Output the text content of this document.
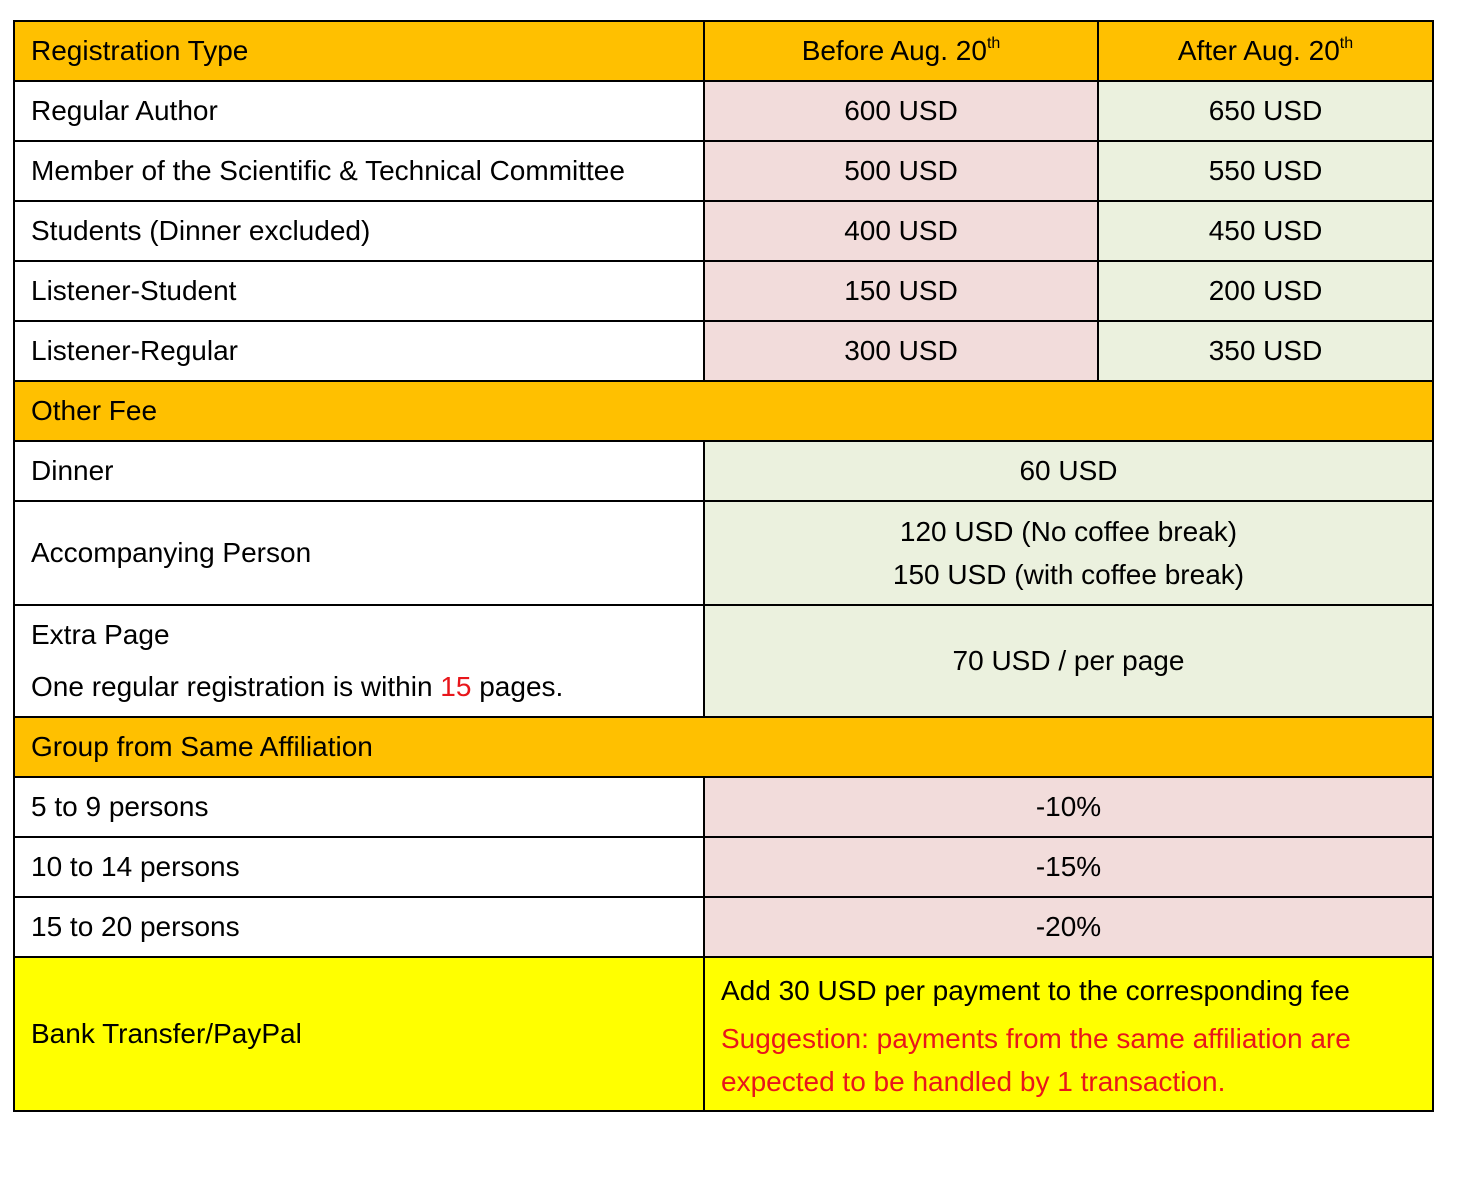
Registration Type	Before Aug. 20th	After Aug. 20th
Regular Author	600 USD	650 USD
Member of the Scientific & Technical Committee	500 USD	550 USD
Students (Dinner excluded)	400 USD	450 USD
Listener-Student	150 USD	200 USD
Listener-Regular	300 USD	350 USD
Other Fee		
Dinner	60 USD	
Accompanying Person	120 USD (No coffee break)
150 USD (with coffee break)	

Extra Page
One regular registration is within 15 pages.	70 USD / per page	
Group from Same Affiliation		
5 to 9 persons	-10%	
10 to 14 persons	-15%	
15 to 20 persons	-20%	
Bank Transfer/PayPal	Add 30 USD per payment to the corresponding fee
Suggestion: payments from the same affiliation are
expected to be handled by 1 transaction.	
